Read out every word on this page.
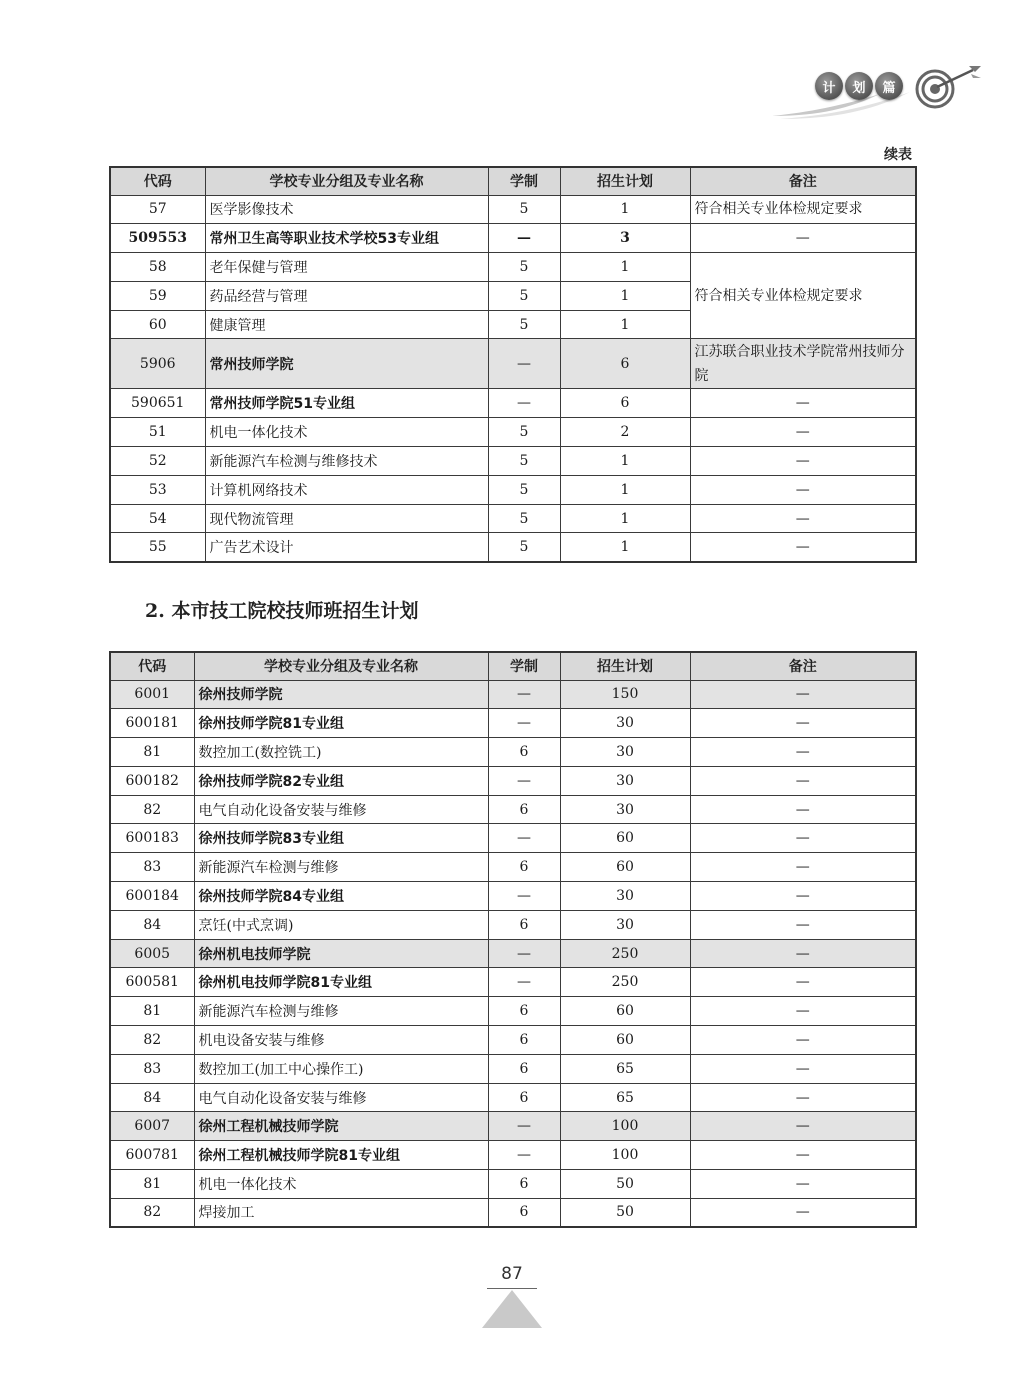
计	划	篇
续表
代码	学校专业分组及专业名称	学制	招生计划	备注
57	医学影像技术	5	1	符合相关专业体检规定要求
509553	常州卫生高等职业技术学校53专业组	—	3	—
58	老年保健与管理	5	1	符合相关专业体检规定要求
59	药品经营与管理	5	1	
60	健康管理	5	1	
5906	常州技师学院	—	6	江苏联合职业技术学院常州技师分院
590651	常州技师学院51专业组	—	6	—
51	机电一体化技术	5	2	—
52	新能源汽车检测与维修技术	5	1	—
53	计算机网络技术	5	1	—
54	现代物流管理	5	1	—
55	广告艺术设计	5	1	—
2. 本市技工院校技师班招生计划
代码	学校专业分组及专业名称	学制	招生计划	备注
6001	徐州技师学院	—	150	—
600181	徐州技师学院81专业组	—	30	—
81	数控加工(数控铣工)	6	30	—
600182	徐州技师学院82专业组	—	30	—
82	电气自动化设备安装与维修	6	30	—
600183	徐州技师学院83专业组	—	60	—
83	新能源汽车检测与维修	6	60	—
600184	徐州技师学院84专业组	—	30	—
84	烹饪(中式烹调)	6	30	—
6005	徐州机电技师学院	—	250	—
600581	徐州机电技师学院81专业组	—	250	—
81	新能源汽车检测与维修	6	60	—
82	机电设备安装与维修	6	60	—
83	数控加工(加工中心操作工)	6	65	—
84	电气自动化设备安装与维修	6	65	—
6007	徐州工程机械技师学院	—	100	—
600781	徐州工程机械技师学院81专业组	—	100	—
81	机电一体化技术	6	50	—
82	焊接加工	6	50	—
87
